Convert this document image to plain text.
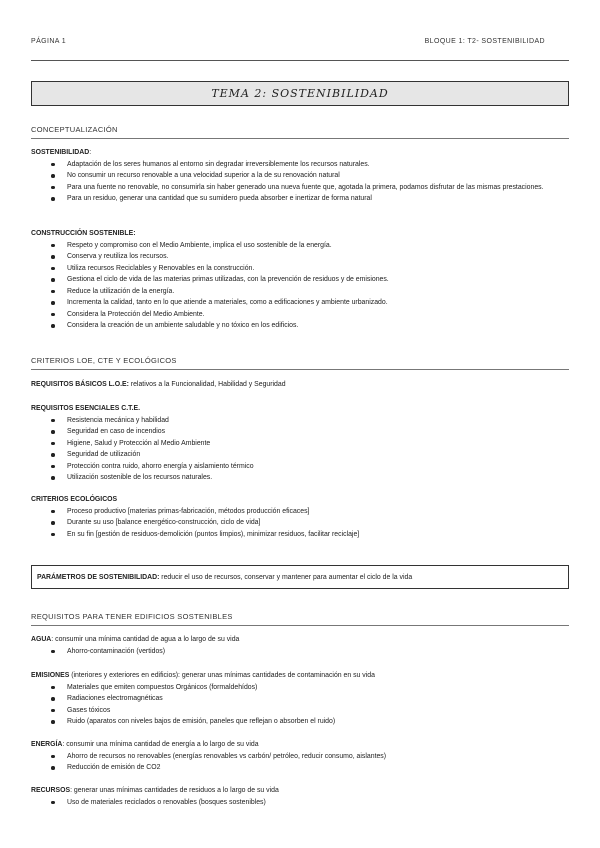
PÁGINA 1	BLOQUE 1: T2- SOSTENIBILIDAD
TEMA 2: SOSTENIBILIDAD
CONCEPTUALIZACIÓN
SOSTENIBILIDAD:
Adaptación de los seres humanos al entorno sin degradar irreversiblemente los recursos naturales.
No consumir un recurso renovable a una velocidad superior a la de su renovación natural
Para una fuente no renovable, no consumirla sin haber generado una nueva fuente que, agotada la primera, podamos disfrutar de las mismas prestaciones.
Para un residuo, generar una cantidad que su sumidero pueda absorber e inertizar de forma natural
CONSTRUCCIÓN SOSTENIBLE:
Respeto y compromiso con el Medio Ambiente, implica el uso sostenible de la energía.
Conserva y reutiliza los recursos.
Utiliza recursos Reciclables y Renovables en la construcción.
Gestiona el ciclo de vida de las materias primas utilizadas, con la prevención de residuos y de emisiones.
Reduce la utilización de la energía.
Incrementa la calidad, tanto en lo que atiende a materiales, como a edificaciones y ambiente urbanizado.
Considera la Protección del Medio Ambiente.
Considera la creación de un ambiente saludable y no tóxico en los edificios.
CRITERIOS LOE, CTE Y ECOLÓGICOS
REQUISITOS BÁSICOS L.O.E: relativos a la Funcionalidad, Habilidad y Seguridad
REQUISITOS ESENCIALES C.T.E.
Resistencia mecánica y habilidad
Seguridad en caso de incendios
Higiene, Salud y Protección al Medio Ambiente
Seguridad de utilización
Protección contra ruido, ahorro energía y aislamiento térmico
Utilización sostenible de los recursos naturales.
CRITERIOS ECOLÓGICOS
Proceso productivo [materias primas-fabricación, métodos producción eficaces]
Durante su uso [balance energético-construcción, ciclo de vida]
En su fin [gestión de residuos-demolición (puntos limpios), minimizar residuos, facilitar reciclaje]
PARÁMETROS DE SOSTENIBILIDAD: reducir el uso de recursos, conservar y mantener para aumentar el ciclo de la vida
REQUISITOS PARA TENER EDIFICIOS SOSTENIBLES
AGUA: consumir una mínima cantidad de agua a lo largo de su vida
Ahorro-contaminación (vertidos)
EMISIONES (interiores y exteriores en edificios): generar unas mínimas cantidades de contaminación en su vida
Materiales que emiten compuestos Orgánicos (formaldehídos)
Radiaciones electromagnéticas
Gases tóxicos
Ruido (aparatos con niveles bajos de emisión, paneles que reflejan o absorben el ruido)
ENERGÍA: consumir una mínima cantidad de energía a lo largo de su vida
Ahorro de recursos no renovables (energías renovables vs carbón/ petróleo, reducir consumo, aislantes)
Reducción de emisión de CO2
RECURSOS: generar unas mínimas cantidades de residuos a lo largo de su vida
Uso de materiales reciclados o renovables (bosques sostenibles)
